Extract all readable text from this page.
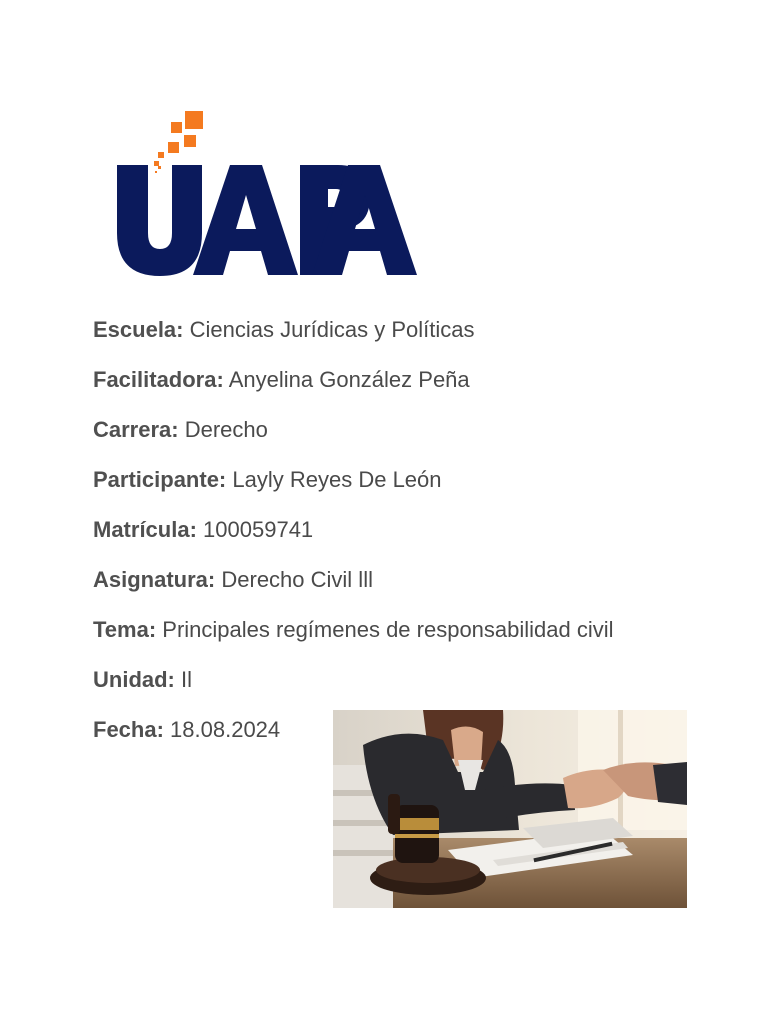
Escuela: Ciencias Jurídicas y Políticas
Facilitadora: Anyelina González Peña
Carrera: Derecho
Participante: Layly Reyes De León
Matrícula: 100059741
Asignatura: Derecho Civil lll
Tema: Principales regímenes de responsabilidad civil
Unidad: Il
Fecha: 18.08.2024
